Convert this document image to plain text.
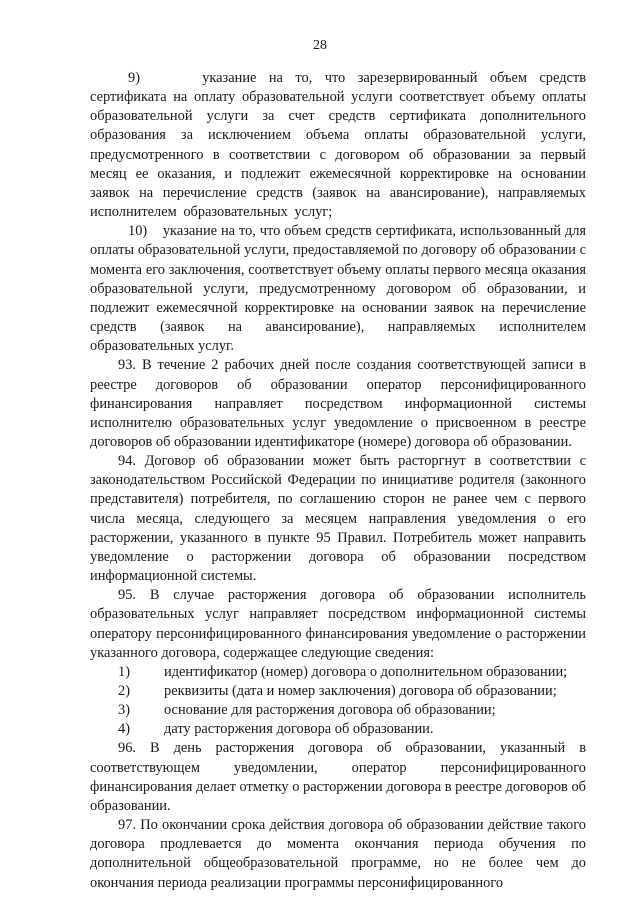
28

9)     указание на то, что зарезервированный объем средств сертификата на оплату образовательной услуги соответствует объему оплаты образовательной услуги за счет средств сертификата дополнительного образования за исключением объема оплаты образовательной услуги, предусмотренного в соответствии с договором об образовании за первый месяц ее оказания, и подлежит ежемесячной корректировке на основании заявок на перечисление средств (заявок на авансирование), направляемых исполнителем образовательных услуг;

10)    указание на то, что объем средств сертификата, использованный для оплаты образовательной услуги, предоставляемой по договору об образовании с момента его заключения, соответствует объему оплаты первого месяца оказания образовательной услуги, предусмотренному договором об образовании, и подлежит ежемесячной корректировке на основании заявок на перечисление средств (заявок на авансирование), направляемых исполнителем образовательных услуг.

93. В течение 2 рабочих дней после создания соответствующей записи в реестре договоров об образовании оператор персонифицированного финансирования направляет посредством информационной системы исполнителю образовательных услуг уведомление о присвоенном в реестре договоров об образовании идентификаторе (номере) договора об образовании.

94. Договор об образовании может быть расторгнут в соответствии с законодательством Российской Федерации по инициативе родителя (законного представителя) потребителя, по соглашению сторон не ранее чем с первого числа месяца, следующего за месяцем направления уведомления о его расторжении, указанного в пункте 95 Правил. Потребитель может направить уведомление о расторжении договора об образовании посредством информационной системы.

95. В случае расторжения договора об образовании исполнитель образовательных услуг направляет посредством информационной системы оператору персонифицированного финансирования уведомление о расторжении указанного договора, содержащее следующие сведения:

1)	идентификатор (номер) договора о дополнительном образовании;
2)	реквизиты (дата и номер заключения) договора об образовании;
3)	основание для расторжения договора об образовании;
4)	дату расторжения договора об образовании.

96. В день расторжения договора об образовании, указанный в соответствующем уведомлении, оператор персонифицированного финансирования делает отметку о расторжении договора в реестре договоров об образовании.

97. По окончании срока действия договора об образовании действие такого договора продлевается до момента окончания периода обучения по дополнительной общеобразовательной программе, но не более чем до окончания периода реализации программы персонифицированного
